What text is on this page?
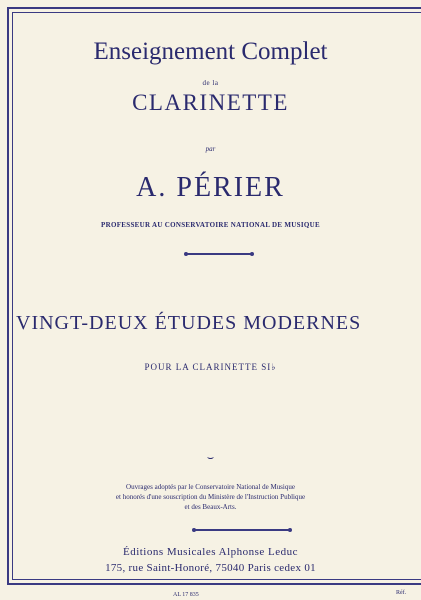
Enseignement Complet
de la
CLARINETTE
par
A. PÉRIER
PROFESSEUR AU CONSERVATOIRE NATIONAL DE MUSIQUE
VINGT-DEUX ÉTUDES MODERNES
POUR LA CLARINETTE SI♭
⌣
Ouvrages adoptés par le Conservatoire National de Musique
et honorés d'une souscription du Ministère de l'Instruction Publique
et des Beaux-Arts.
Éditions Musicales Alphonse Leduc
175, rue Saint-Honoré, 75040 Paris cedex 01
AL 17 835	Réf.
